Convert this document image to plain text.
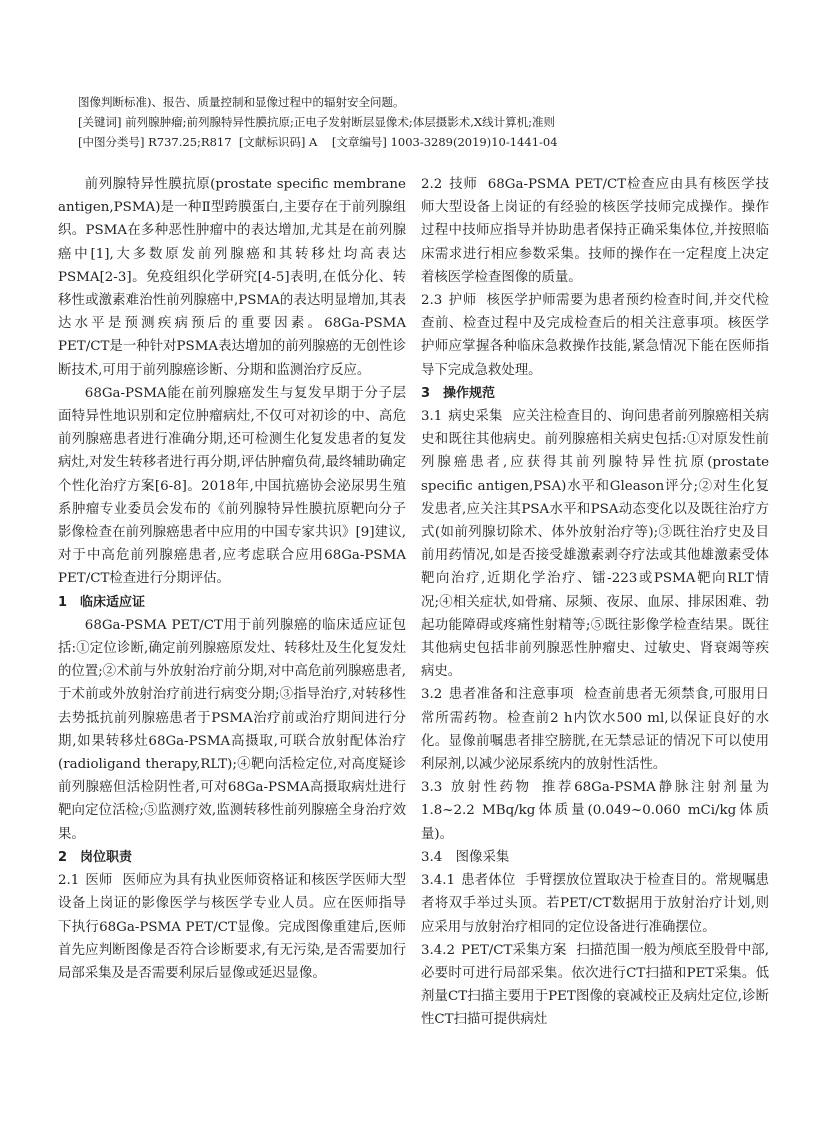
图像判断标准)、报告、质量控制和显像过程中的辐射安全问题。
[关键词] 前列腺肿瘤;前列腺特异性膜抗原;正电子发射断层显像术;体层摄影术,X线计算机;准则
[中图分类号] R737.25;R817 [文献标识码] A [文章编号] 1003-3289(2019)10-1441-04

前列腺特异性膜抗原(prostate specific membrane antigen,PSMA)是一种Ⅱ型跨膜蛋白,主要存在于前列腺组织。PSMA在多种恶性肿瘤中的表达增加,尤其是在前列腺癌中[1],大多数原发前列腺癌和其转移灶均高表达PSMA[2-3]。免疫组织化学研究[4-5]表明,在低分化、转移性或激素难治性前列腺癌中,PSMA的表达明显增加,其表达水平是预测疾病预后的重要因素。68Ga-PSMA PET/CT是一种针对PSMA表达增加的前列腺癌的无创性诊断技术,可用于前列腺癌诊断、分期和监测治疗反应。

68Ga-PSMA能在前列腺癌发生与复发早期于分子层面特异性地识别和定位肿瘤病灶,不仅可对初诊的中、高危前列腺癌患者进行准确分期,还可检测生化复发患者的复发病灶,对发生转移者进行再分期,评估肿瘤负荷,最终辅助确定个性化治疗方案[6-8]。2018年,中国抗癌协会泌尿男生殖系肿瘤专业委员会发布的《前列腺特异性膜抗原靶向分子影像检查在前列腺癌患者中应用的中国专家共识》[9]建议,对于中高危前列腺癌患者,应考虑联合应用68Ga-PSMA PET/CT检查进行分期评估。

1　临床适应证

68Ga-PSMA PET/CT用于前列腺癌的临床适应证包括:①定位诊断,确定前列腺癌原发灶、转移灶及生化复发灶的位置;②术前与外放射治疗前分期,对中高危前列腺癌患者,于术前或外放射治疗前进行病变分期;③指导治疗,对转移性去势抵抗前列腺癌患者于PSMA治疗前或治疗期间进行分期,如果转移灶68Ga-PSMA高摄取,可联合放射配体治疗(radioligand therapy,RLT);④靶向活检定位,对高度疑诊前列腺癌但活检阴性者,可对68Ga-PSMA高摄取病灶进行靶向定位活检;⑤监测疗效,监测转移性前列腺癌全身治疗效果。

2　岗位职责

2.1 医师 医师应为具有执业医师资格证和核医学医师大型设备上岗证的影像医学与核医学专业人员。应在医师指导下执行68Ga-PSMA PET/CT显像。完成图像重建后,医师首先应判断图像是否符合诊断要求,有无污染,是否需要加行局部采集及是否需要利尿后显像或延迟显像。

2.2 技师 68Ga-PSMA PET/CT检查应由具有核医学技师大型设备上岗证的有经验的核医学技师完成操作。操作过程中技师应指导并协助患者保持正确采集体位,并按照临床需求进行相应参数采集。技师的操作在一定程度上决定着核医学检查图像的质量。

2.3 护师 核医学护师需要为患者预约检查时间,并交代检查前、检查过程中及完成检查后的相关注意事项。核医学护师应掌握各种临床急救操作技能,紧急情况下能在医师指导下完成急救处理。

3　操作规范

3.1 病史采集 应关注检查目的、询问患者前列腺癌相关病史和既往其他病史。前列腺癌相关病史包括:①对原发性前列腺癌患者,应获得其前列腺特异性抗原(prostate specific antigen,PSA)水平和Gleason评分;②对生化复发患者,应关注其PSA水平和PSA动态变化以及既往治疗方式(如前列腺切除术、体外放射治疗等);③既往治疗史及目前用药情况,如是否接受雄激素剥夺疗法或其他雄激素受体靶向治疗,近期化学治疗、镭-223或PSMA靶向RLT情况;④相关症状,如骨痛、尿频、夜尿、血尿、排尿困难、勃起功能障碍或疼痛性射精等;⑤既往影像学检查结果。既往其他病史包括非前列腺恶性肿瘤史、过敏史、肾衰竭等疾病史。

3.2 患者准备和注意事项 检查前患者无须禁食,可服用日常所需药物。检查前2 h内饮水500 ml,以保证良好的水化。显像前嘱患者排空膀胱,在无禁忌证的情况下可以使用利尿剂,以减少泌尿系统内的放射性活性。

3.3 放射性药物 推荐68Ga-PSMA静脉注射剂量为1.8~2.2 MBq/kg体质量(0.049~0.060 mCi/kg体质量)。

3.4　图像采集

3.4.1 患者体位 手臂摆放位置取决于检查目的。常规嘱患者将双手举过头顶。若PET/CT数据用于放射治疗计划,则应采用与放射治疗相同的定位设备进行准确摆位。

3.4.2 PET/CT采集方案 扫描范围一般为颅底至股骨中部,必要时可进行局部采集。依次进行CT扫描和PET采集。低剂量CT扫描主要用于PET图像的衰减校正及病灶定位,诊断性CT扫描可提供病灶
